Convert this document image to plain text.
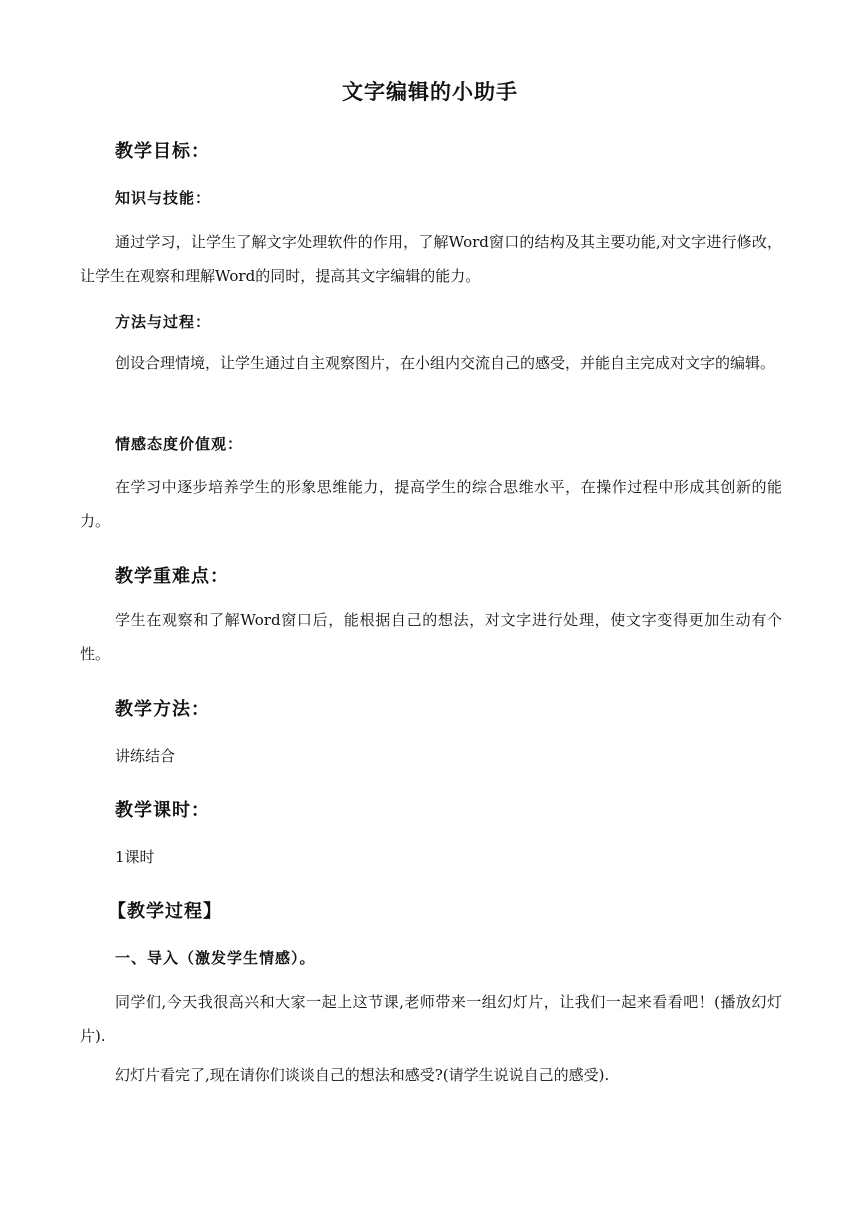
文字编辑的小助手
教学目标：
知识与技能：
通过学习，让学生了解文字处理软件的作用，了解Word窗口的结构及其主要功能,对文字进行修改，让学生在观察和理解Word的同时，提高其文字编辑的能力。
方法与过程：
创设合理情境，让学生通过自主观察图片，在小组内交流自己的感受，并能自主完成对文字的编辑。
情感态度价值观：
在学习中逐步培养学生的形象思维能力，提高学生的综合思维水平，在操作过程中形成其创新的能力。
教学重难点：
学生在观察和了解Word窗口后，能根据自己的想法，对文字进行处理，使文字变得更加生动有个性。
教学方法：
讲练结合
教学课时：
1课时
【教学过程】
一、导入（激发学生情感）。
同学们,今天我很高兴和大家一起上这节课,老师带来一组幻灯片，让我们一起来看看吧！(播放幻灯片).
幻灯片看完了,现在请你们谈谈自己的想法和感受?(请学生说说自己的感受).
